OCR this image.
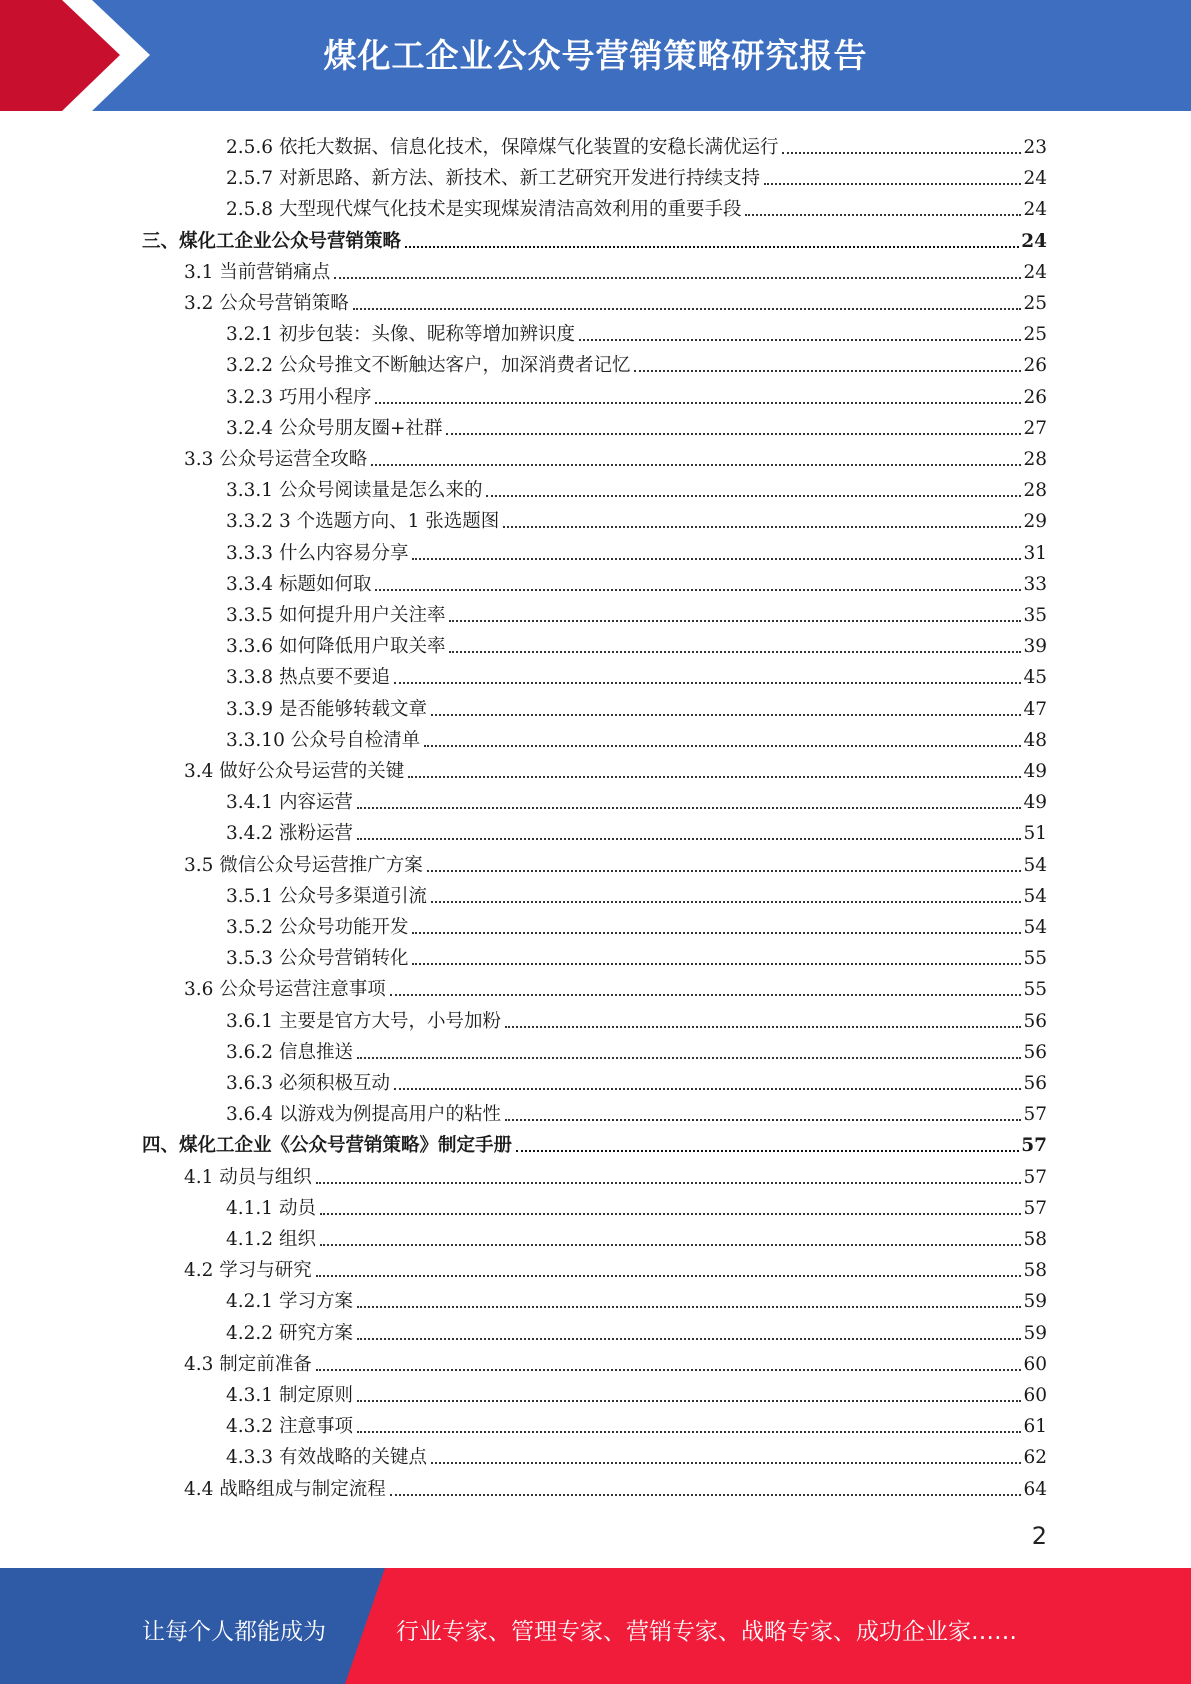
煤化工企业公众号营销策略研究报告
2.5.6 依托大数据、信息化技术，保障煤气化装置的安稳长满优运行	23
2.5.7 对新思路、新方法、新技术、新工艺研究开发进行持续支持	24
2.5.8 大型现代煤气化技术是实现煤炭清洁高效利用的重要手段	24
三、煤化工企业公众号营销策略	24
3.1 当前营销痛点	24
3.2 公众号营销策略	25
3.2.1 初步包装：头像、昵称等增加辨识度	25
3.2.2 公众号推文不断触达客户，加深消费者记忆	26
3.2.3 巧用小程序	26
3.2.4 公众号朋友圈+社群	27
3.3 公众号运营全攻略	28
3.3.1 公众号阅读量是怎么来的	28
3.3.2 3 个选题方向、1 张选题图	29
3.3.3 什么内容易分享	31
3.3.4 标题如何取	33
3.3.5 如何提升用户关注率	35
3.3.6 如何降低用户取关率	39
3.3.8 热点要不要追	45
3.3.9 是否能够转载文章	47
3.3.10 公众号自检清单	48
3.4 做好公众号运营的关键	49
3.4.1 内容运营	49
3.4.2 涨粉运营	51
3.5 微信公众号运营推广方案	54
3.5.1 公众号多渠道引流	54
3.5.2 公众号功能开发	54
3.5.3 公众号营销转化	55
3.6 公众号运营注意事项	55
3.6.1 主要是官方大号，小号加粉	56
3.6.2 信息推送	56
3.6.3 必须积极互动	56
3.6.4 以游戏为例提高用户的粘性	57
四、煤化工企业《公众号营销策略》制定手册	57
4.1 动员与组织	57
4.1.1 动员	57
4.1.2 组织	58
4.2 学习与研究	58
4.2.1 学习方案	59
4.2.2 研究方案	59
4.3 制定前准备	60
4.3.1 制定原则	60
4.3.2 注意事项	61
4.3.3 有效战略的关键点	62
4.4 战略组成与制定流程	64
2
让每个人都能成为	行业专家、管理专家、营销专家、战略专家、成功企业家……
